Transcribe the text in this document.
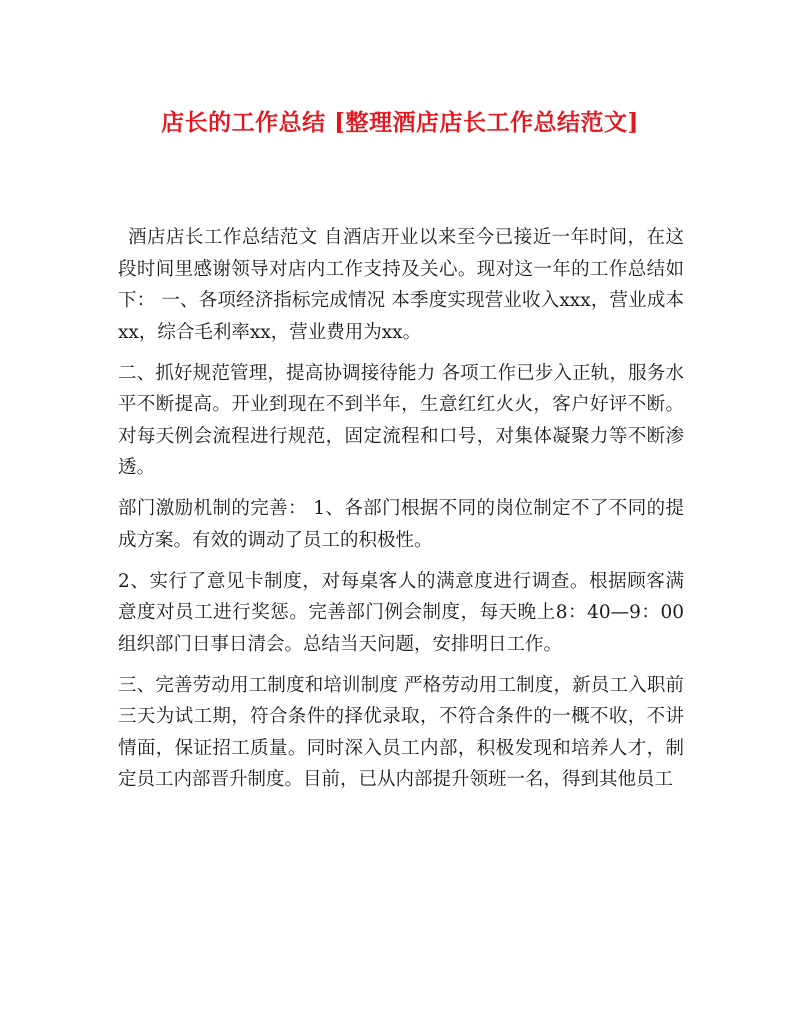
店长的工作总结 [整理酒店店长工作总结范文]

酒店店长工作总结范文 自酒店开业以来至今已接近一年时间，在这段时间里感谢领导对店内工作支持及关心。现对这一年的工作总结如下： 一、各项经济指标完成情况 本季度实现营业收入xxx，营业成本xx，综合毛利率xx，营业费用为xx。

二、抓好规范管理，提高协调接待能力 各项工作已步入正轨，服务水平不断提高。开业到现在不到半年，生意红红火火，客户好评不断。对每天例会流程进行规范，固定流程和口号，对集体凝聚力等不断渗透。

部门激励机制的完善： 1、各部门根据不同的岗位制定不了不同的提成方案。有效的调动了员工的积极性。

2、实行了意见卡制度，对每桌客人的满意度进行调查。根据顾客满意度对员工进行奖惩。完善部门例会制度，每天晚上8：40—9：00组织部门日事日清会。总结当天问题，安排明日工作。

三、完善劳动用工制度和培训制度 严格劳动用工制度，新员工入职前三天为试工期，符合条件的择优录取，不符合条件的一概不收，不讲情面，保证招工质量。同时深入员工内部，积极发现和培养人才，制定员工内部晋升制度。目前，已从内部提升领班一名，得到其他员工
